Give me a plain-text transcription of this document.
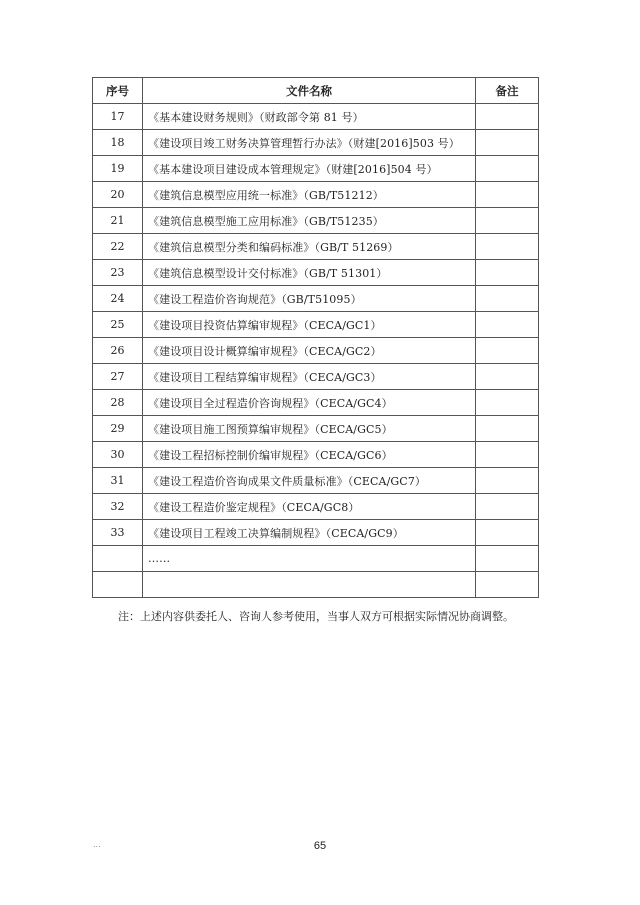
序号	文件名称	备注
17	《基本建设财务规则》（财政部令第 81 号）	
18	《建设项目竣工财务决算管理暂行办法》（财建[2016]503 号）	
19	《基本建设项目建设成本管理规定》（财建[2016]504 号）	
20	《建筑信息模型应用统一标准》（GB/T51212）	
21	《建筑信息模型施工应用标准》（GB/T51235）	
22	《建筑信息模型分类和编码标准》（GB/T 51269）	
23	《建筑信息模型设计交付标准》（GB/T 51301）	
24	《建设工程造价咨询规范》（GB/T51095）	
25	《建设项目投资估算编审规程》（CECA/GC1）	
26	《建设项目设计概算编审规程》（CECA/GC2）	
27	《建设项目工程结算编审规程》（CECA/GC3）	
28	《建设项目全过程造价咨询规程》（CECA/GC4）	
29	《建设项目施工图预算编审规程》（CECA/GC5）	
30	《建设工程招标控制价编审规程》（CECA/GC6）	
31	《建设工程造价咨询成果文件质量标准》（CECA/GC7）	
32	《建设工程造价鉴定规程》（CECA/GC8）	
33	《建设项目工程竣工决算编制规程》（CECA/GC9）	
	……	

注：上述内容供委托人、咨询人参考使用，当事人双方可根据实际情况协商调整。
...	65
